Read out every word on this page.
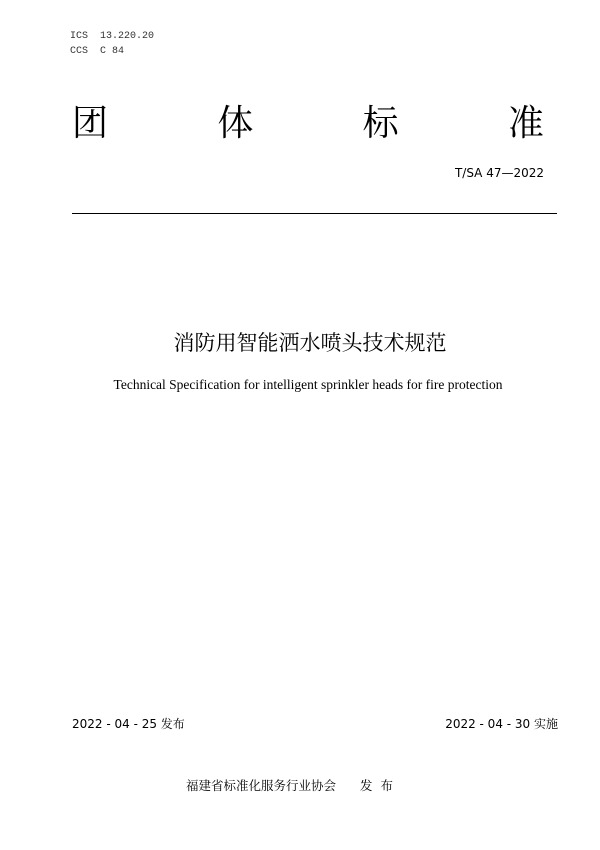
ICS  13.220.20
CCS  C 84
团	体	标	准
T/SA 47—2022
消防用智能洒水喷头技术规范
Technical Specification for intelligent sprinkler heads for fire protection
2022 - 04 - 25 发布	2022 - 04 - 30 实施
福建省标准化服务行业协会 发布
